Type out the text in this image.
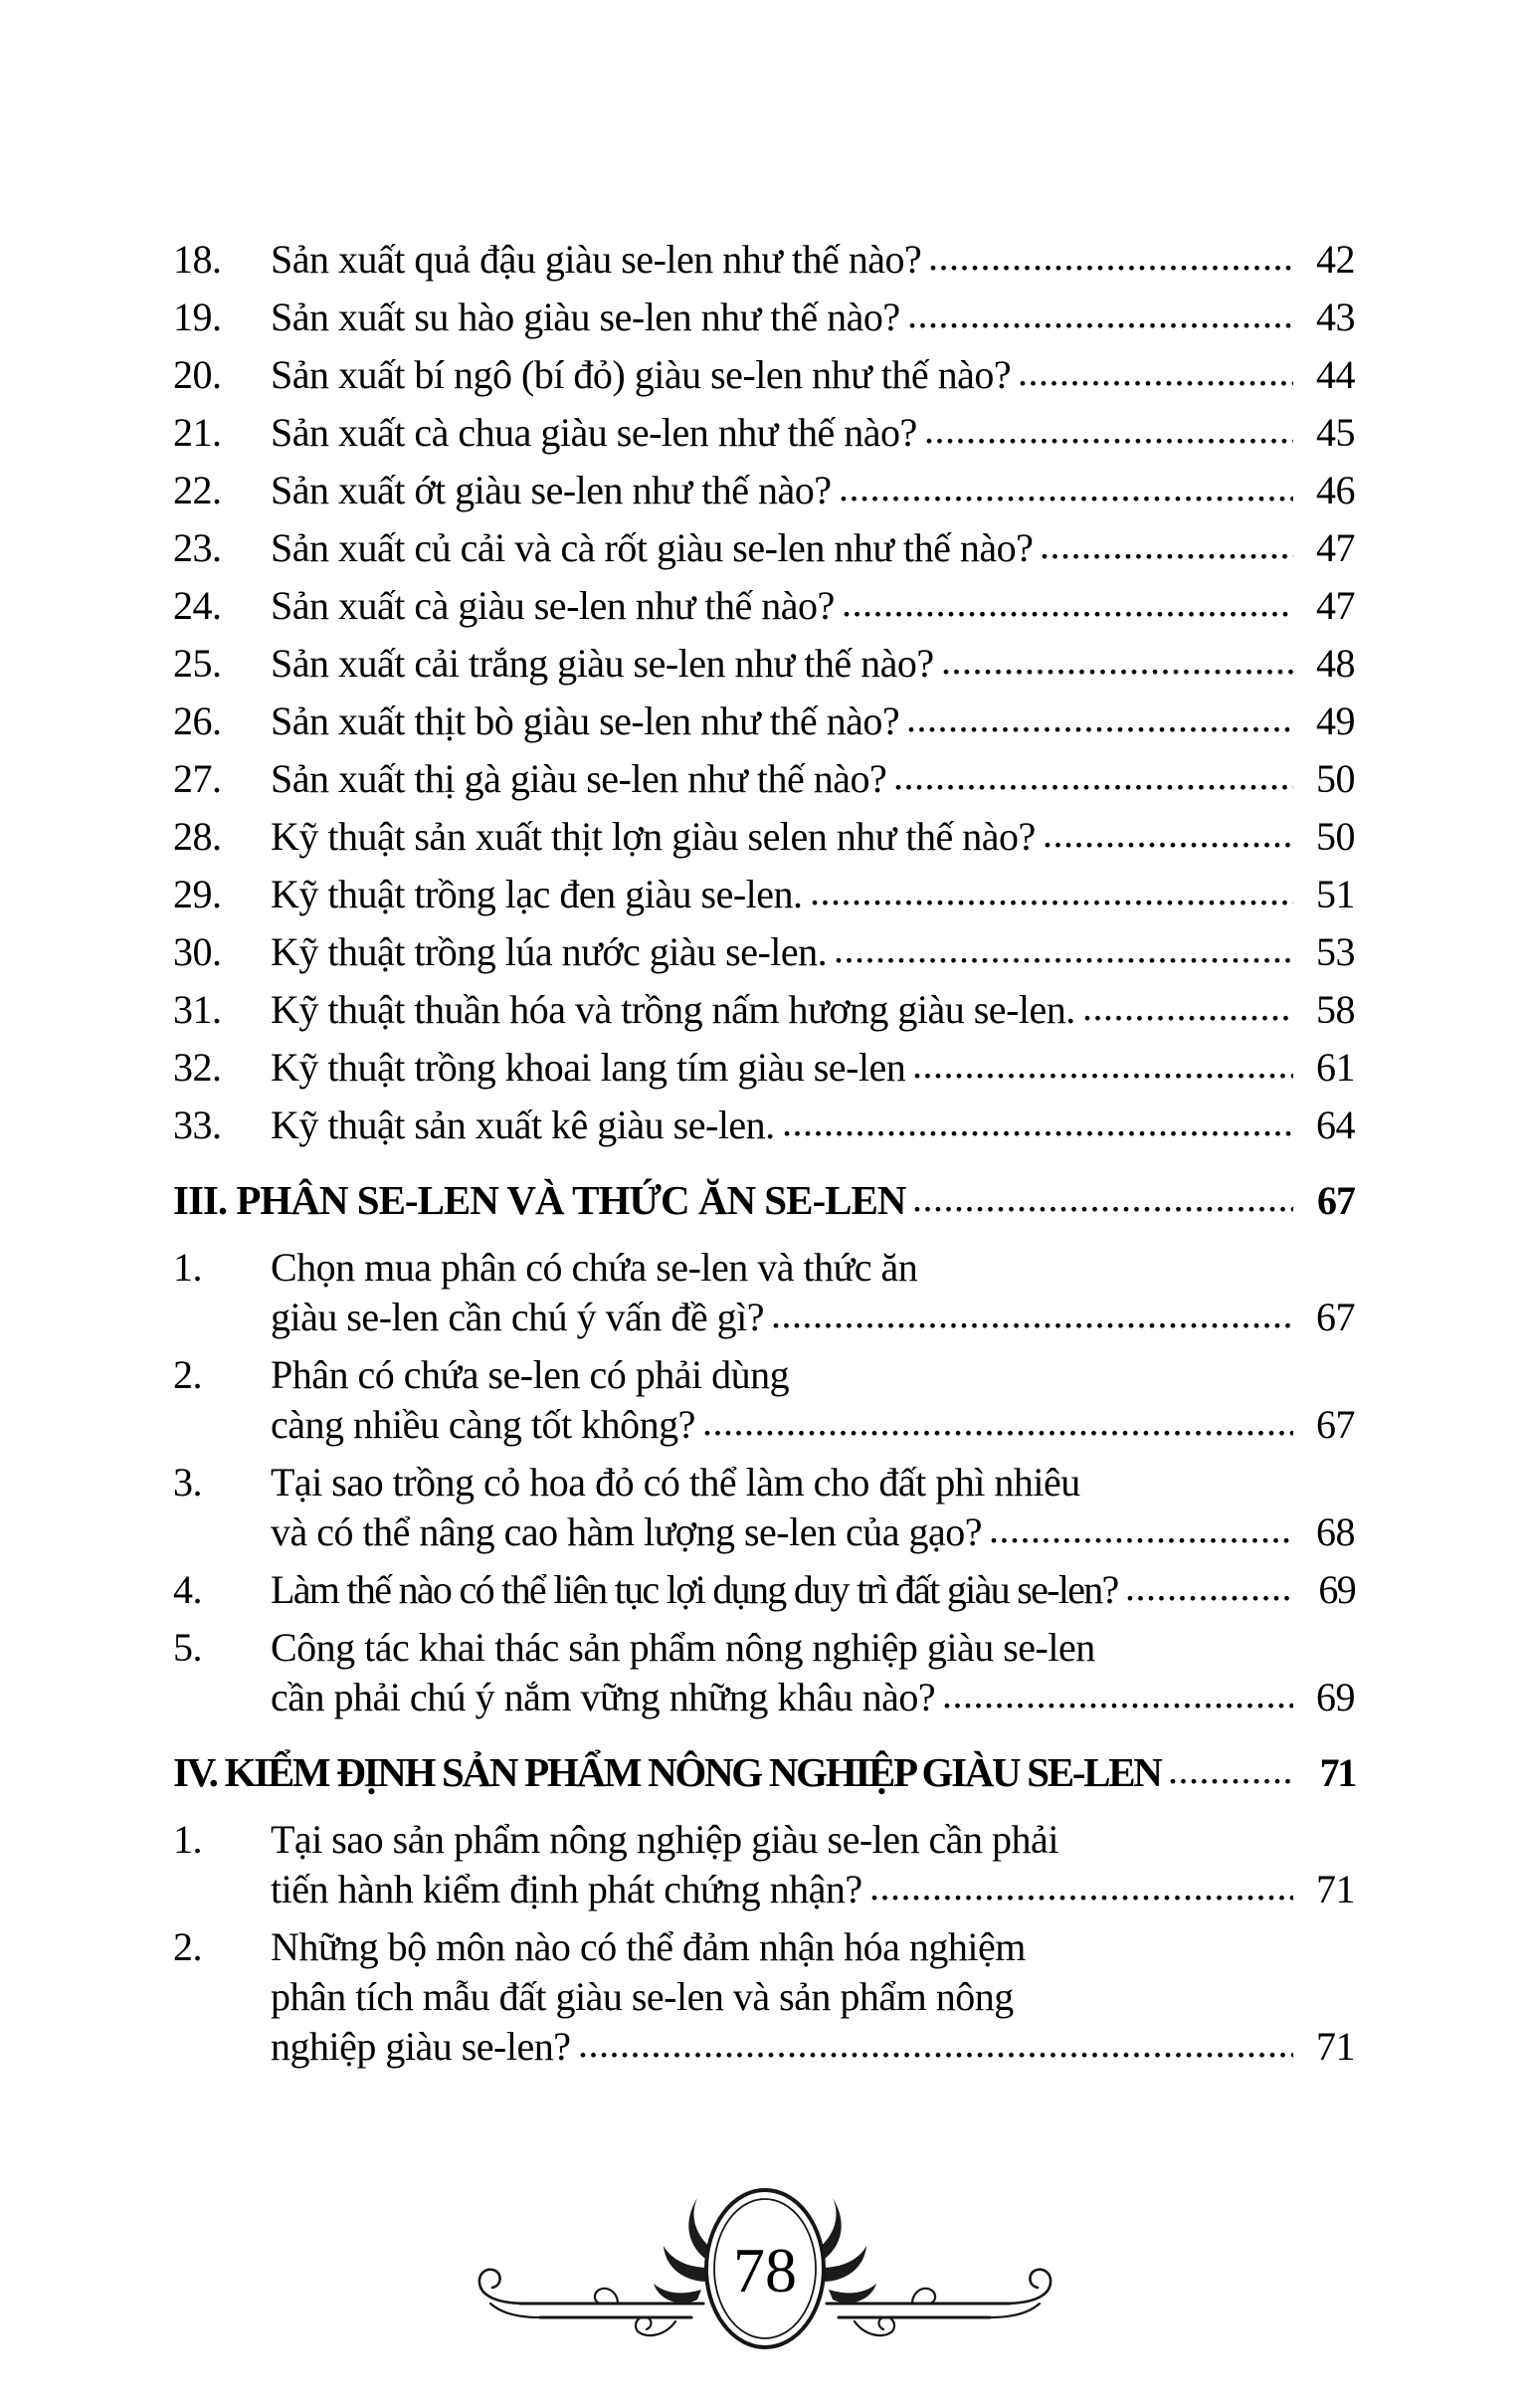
18.	Sản xuất quả đậu giàu se-len như thế nào?	42
19.	Sản xuất su hào giàu se-len như thế nào?	43
20.	Sản xuất bí ngô (bí đỏ) giàu se-len như thế nào?	44
21.	Sản xuất cà chua giàu se-len như thế nào?	45
22.	Sản xuất ớt giàu se-len như thế nào?	46
23.	Sản xuất củ cải và cà rốt giàu se-len như thế nào?	47
24.	Sản xuất cà giàu se-len như thế nào?	47
25.	Sản xuất cải trắng giàu se-len như thế nào?	48
26.	Sản xuất thịt bò giàu se-len như thế nào?	49
27.	Sản xuất thị gà giàu se-len như thế nào?	50
28.	Kỹ thuật sản xuất thịt lợn giàu selen như thế nào?	50
29.	Kỹ thuật trồng lạc đen giàu se-len.	51
30.	Kỹ thuật trồng lúa nước giàu se-len.	53
31.	Kỹ thuật thuần hóa và trồng nấm hương giàu se-len.	58
32.	Kỹ thuật trồng khoai lang tím giàu se-len	61
33.	Kỹ thuật sản xuất kê giàu se-len.	64
III. PHÂN SE-LEN VÀ THỨC ĂN SE-LEN	67
1.	Chọn mua phân có chứa se-len và thức ăn
giàu se-len cần chú ý vấn đề gì?	67
2.	Phân có chứa se-len có phải dùng
càng nhiều càng tốt không?	67
3.	Tại sao trồng cỏ hoa đỏ có thể làm cho đất phì nhiêu
và có thể nâng cao hàm lượng se-len của gạo?	68
4.	Làm thế nào có thể liên tục lợi dụng duy trì đất giàu se-len?	69
5.	Công tác khai thác sản phẩm nông nghiệp giàu se-len
cần phải chú ý nắm vững những khâu nào?	69
IV. KIỂM ĐỊNH SẢN PHẨM NÔNG NGHIỆP GIÀU SE-LEN	71
1.	Tại sao sản phẩm nông nghiệp giàu se-len cần phải
tiến hành kiểm định phát chứng nhận?	71
2.	Những bộ môn nào có thể đảm nhận hóa nghiệm
phân tích mẫu đất giàu se-len và sản phẩm nông
nghiệp giàu se-len?	71
78
